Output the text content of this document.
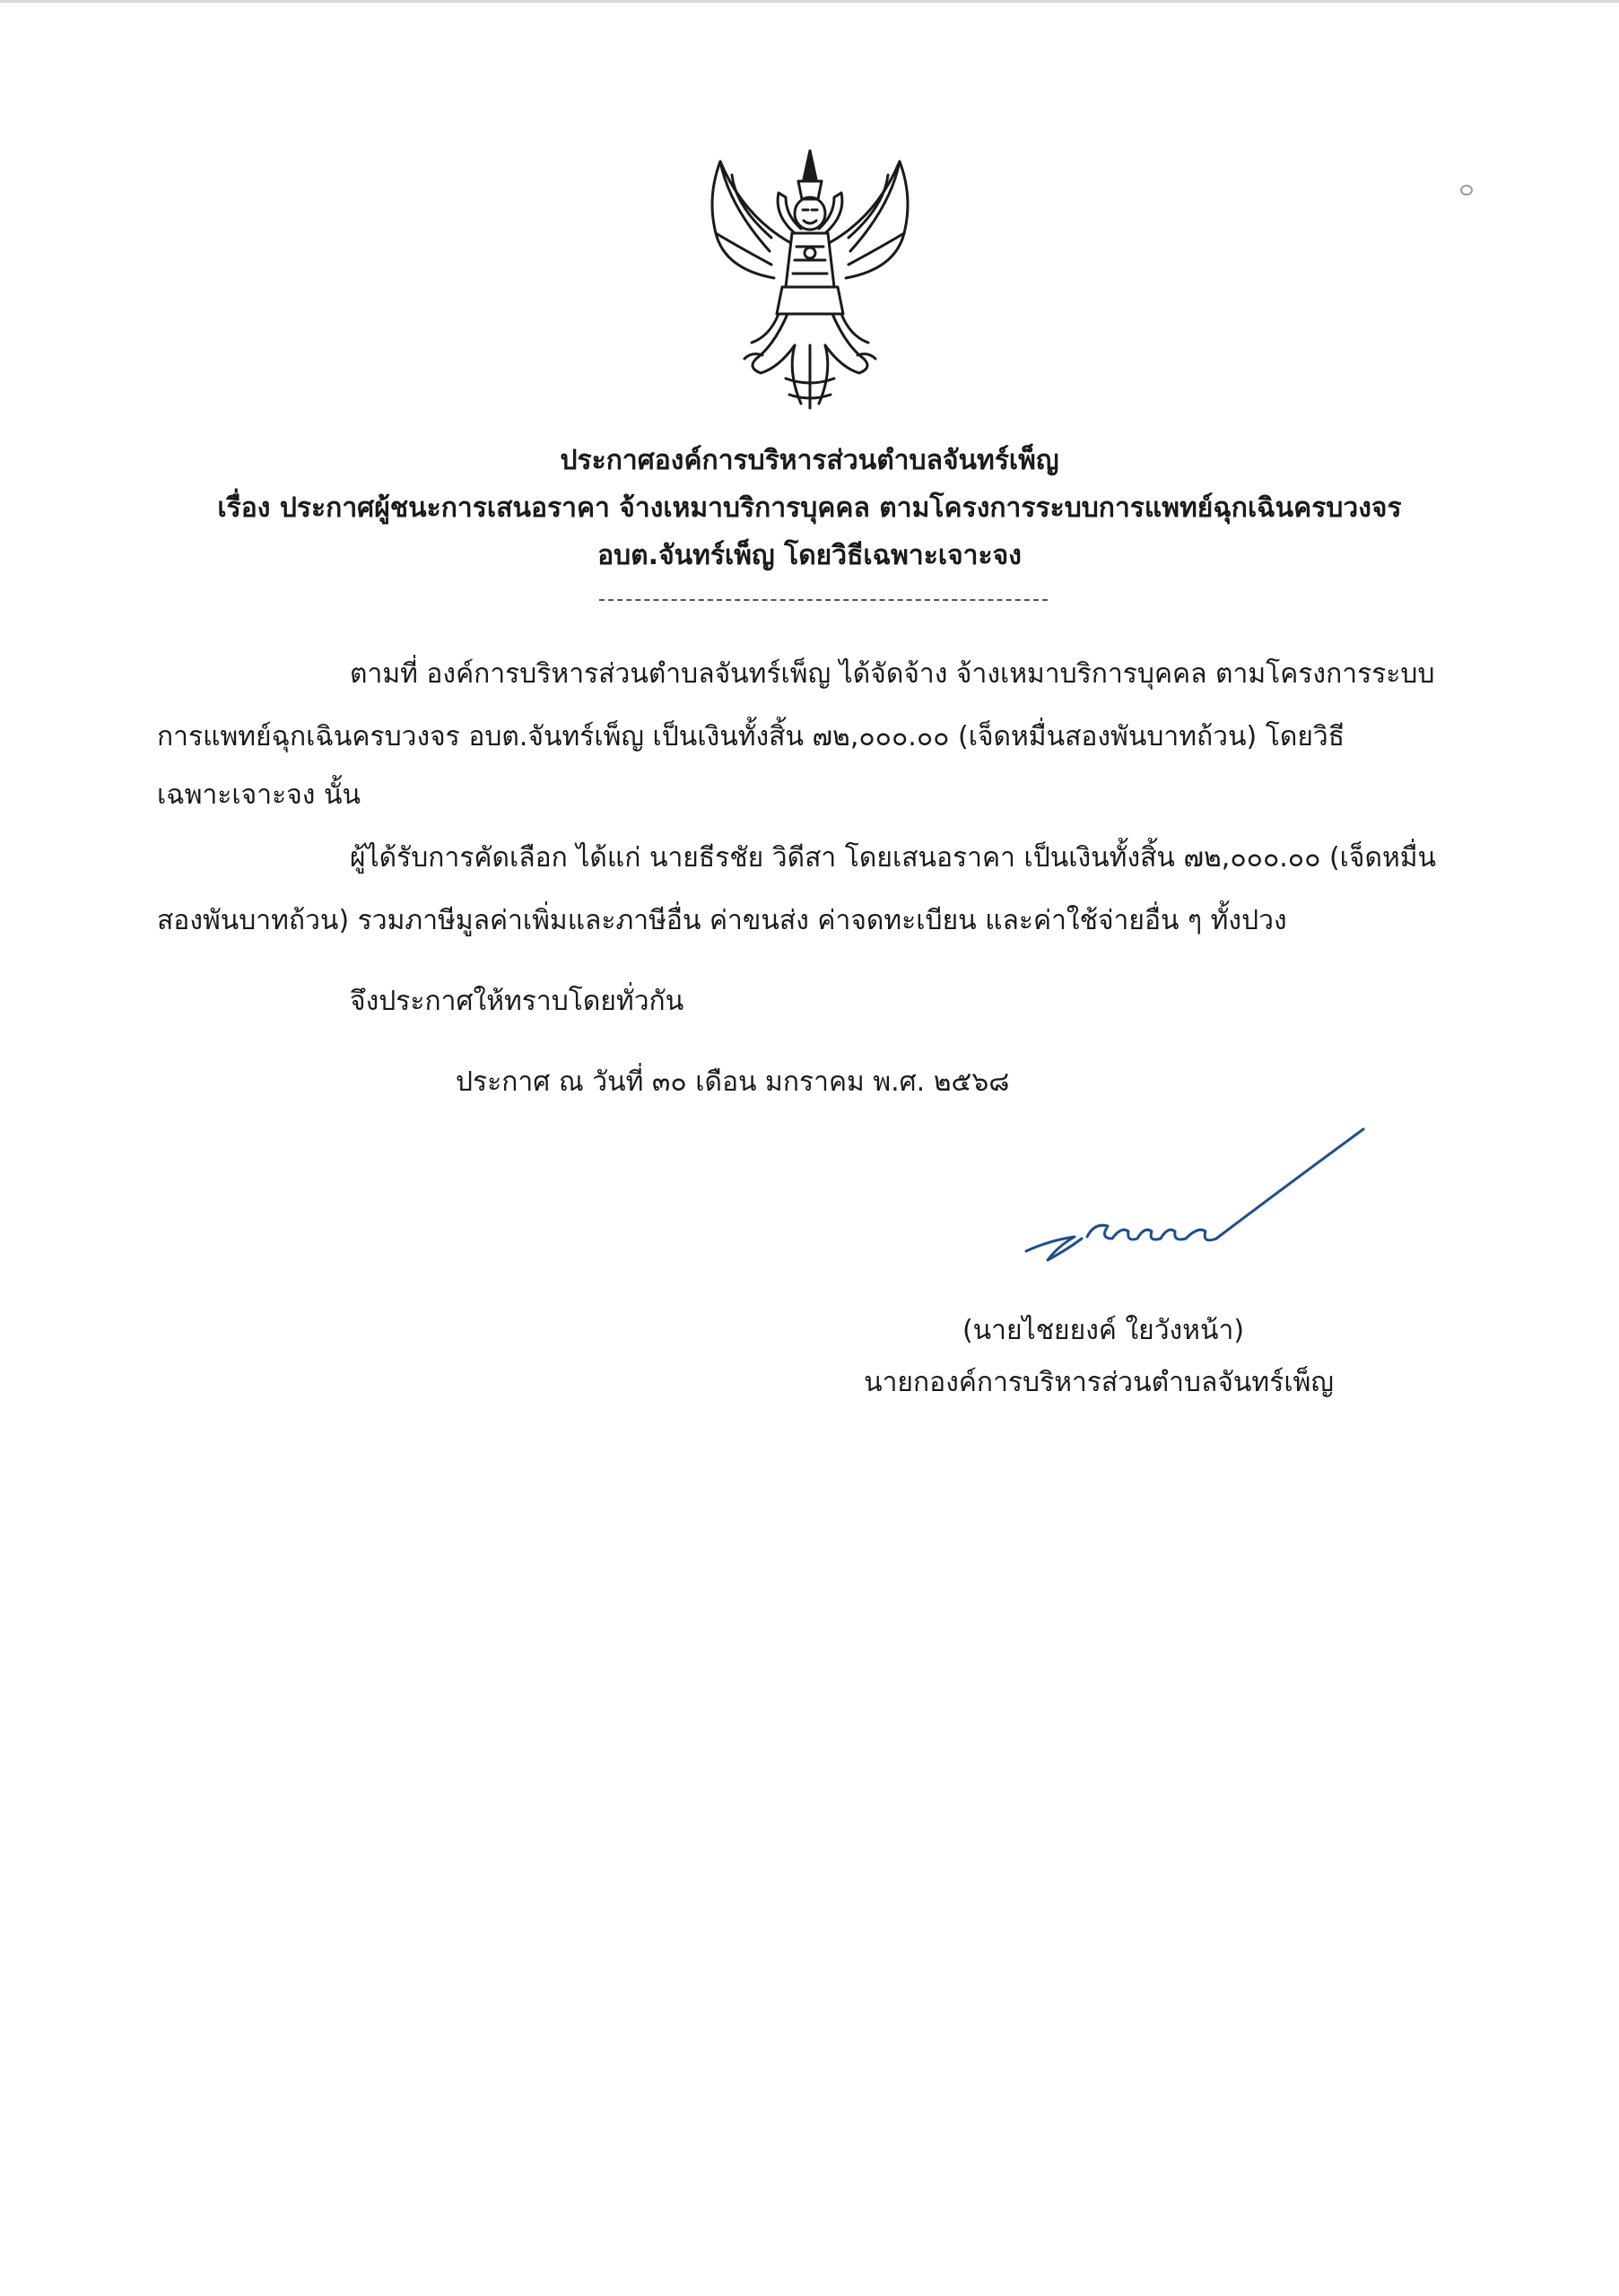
ประกาศองค์การบริหารส่วนตำบลจันทร์เพ็ญ
เรื่อง ประกาศผู้ชนะการเสนอราคา จ้างเหมาบริการบุคคล ตามโครงการระบบการแพทย์ฉุกเฉินครบวงจร
อบต.จันทร์เพ็ญ โดยวิธีเฉพาะเจาะจง
ตามที่ องค์การบริหารส่วนตำบลจันทร์เพ็ญ ได้จัดจ้าง จ้างเหมาบริการบุคคล ตามโครงการระบบ
การแพทย์ฉุกเฉินครบวงจร อบต.จันทร์เพ็ญ เป็นเงินทั้งสิ้น ๗๒,๐๐๐.๐๐ (เจ็ดหมื่นสองพันบาทถ้วน) โดยวิธี
เฉพาะเจาะจง นั้น
ผู้ได้รับการคัดเลือก ได้แก่ นายธีรชัย วิดีสา โดยเสนอราคา เป็นเงินทั้งสิ้น ๗๒,๐๐๐.๐๐ (เจ็ดหมื่น
สองพันบาทถ้วน) รวมภาษีมูลค่าเพิ่มและภาษีอื่น ค่าขนส่ง ค่าจดทะเบียน และค่าใช้จ่ายอื่น ๆ ทั้งปวง
จึงประกาศให้ทราบโดยทั่วกัน
ประกาศ ณ วันที่ ๓๐ เดือน มกราคม พ.ศ. ๒๕๖๘
(นายไชยยงค์ ใยวังหน้า)
นายกองค์การบริหารส่วนตำบลจันทร์เพ็ญ
